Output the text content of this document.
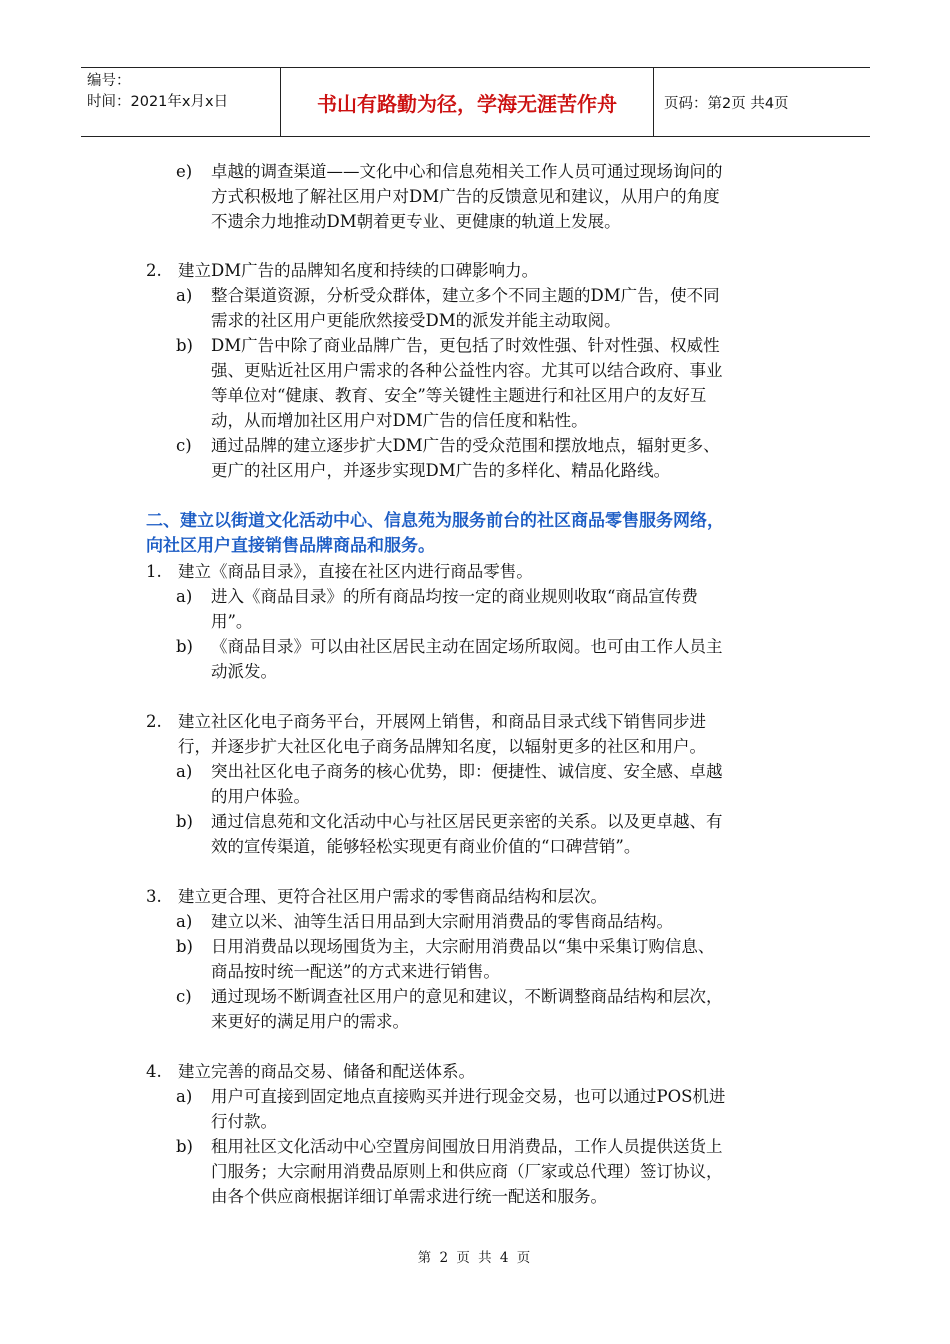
编号：
时间：2021年x月x日	书山有路勤为径，学海无涯苦作舟	页码：第2页 共4页
e) 卓越的调查渠道——文化中心和信息苑相关工作人员可通过现场询问的
方式积极地了解社区用户对DM广告的反馈意见和建议，从用户的角度
不遗余力地推动DM朝着更专业、更健康的轨道上发展。
2. 建立DM广告的品牌知名度和持续的口碑影响力。
a) 整合渠道资源，分析受众群体，建立多个不同主题的DM广告，使不同
需求的社区用户更能欣然接受DM的派发并能主动取阅。
b) DM广告中除了商业品牌广告，更包括了时效性强、针对性强、权威性
强、更贴近社区用户需求的各种公益性内容。尤其可以结合政府、事业
等单位对“健康、教育、安全”等关键性主题进行和社区用户的友好互
动，从而增加社区用户对DM广告的信任度和粘性。
c) 通过品牌的建立逐步扩大DM广告的受众范围和摆放地点，辐射更多、
更广的社区用户，并逐步实现DM广告的多样化、精品化路线。
二、建立以街道文化活动中心、信息苑为服务前台的社区商品零售服务网络，
向社区用户直接销售品牌商品和服务。
1. 建立《商品目录》，直接在社区内进行商品零售。
a) 进入《商品目录》的所有商品均按一定的商业规则收取“商品宣传费
用”。
b) 《商品目录》可以由社区居民主动在固定场所取阅。也可由工作人员主
动派发。
2. 建立社区化电子商务平台，开展网上销售，和商品目录式线下销售同步进
行，并逐步扩大社区化电子商务品牌知名度，以辐射更多的社区和用户。
a) 突出社区化电子商务的核心优势，即：便捷性、诚信度、安全感、卓越
的用户体验。
b) 通过信息苑和文化活动中心与社区居民更亲密的关系。以及更卓越、有
效的宣传渠道，能够轻松实现更有商业价值的“口碑营销”。
3. 建立更合理、更符合社区用户需求的零售商品结构和层次。
a) 建立以米、油等生活日用品到大宗耐用消费品的零售商品结构。
b) 日用消费品以现场囤货为主，大宗耐用消费品以“集中采集订购信息、
商品按时统一配送”的方式来进行销售。
c) 通过现场不断调查社区用户的意见和建议，不断调整商品结构和层次，
来更好的满足用户的需求。
4. 建立完善的商品交易、储备和配送体系。
a) 用户可直接到固定地点直接购买并进行现金交易，也可以通过POS机进
行付款。
b) 租用社区文化活动中心空置房间囤放日用消费品，工作人员提供送货上
门服务；大宗耐用消费品原则上和供应商（厂家或总代理）签订协议，
由各个供应商根据详细订单需求进行统一配送和服务。
第 2 页 共 4 页
